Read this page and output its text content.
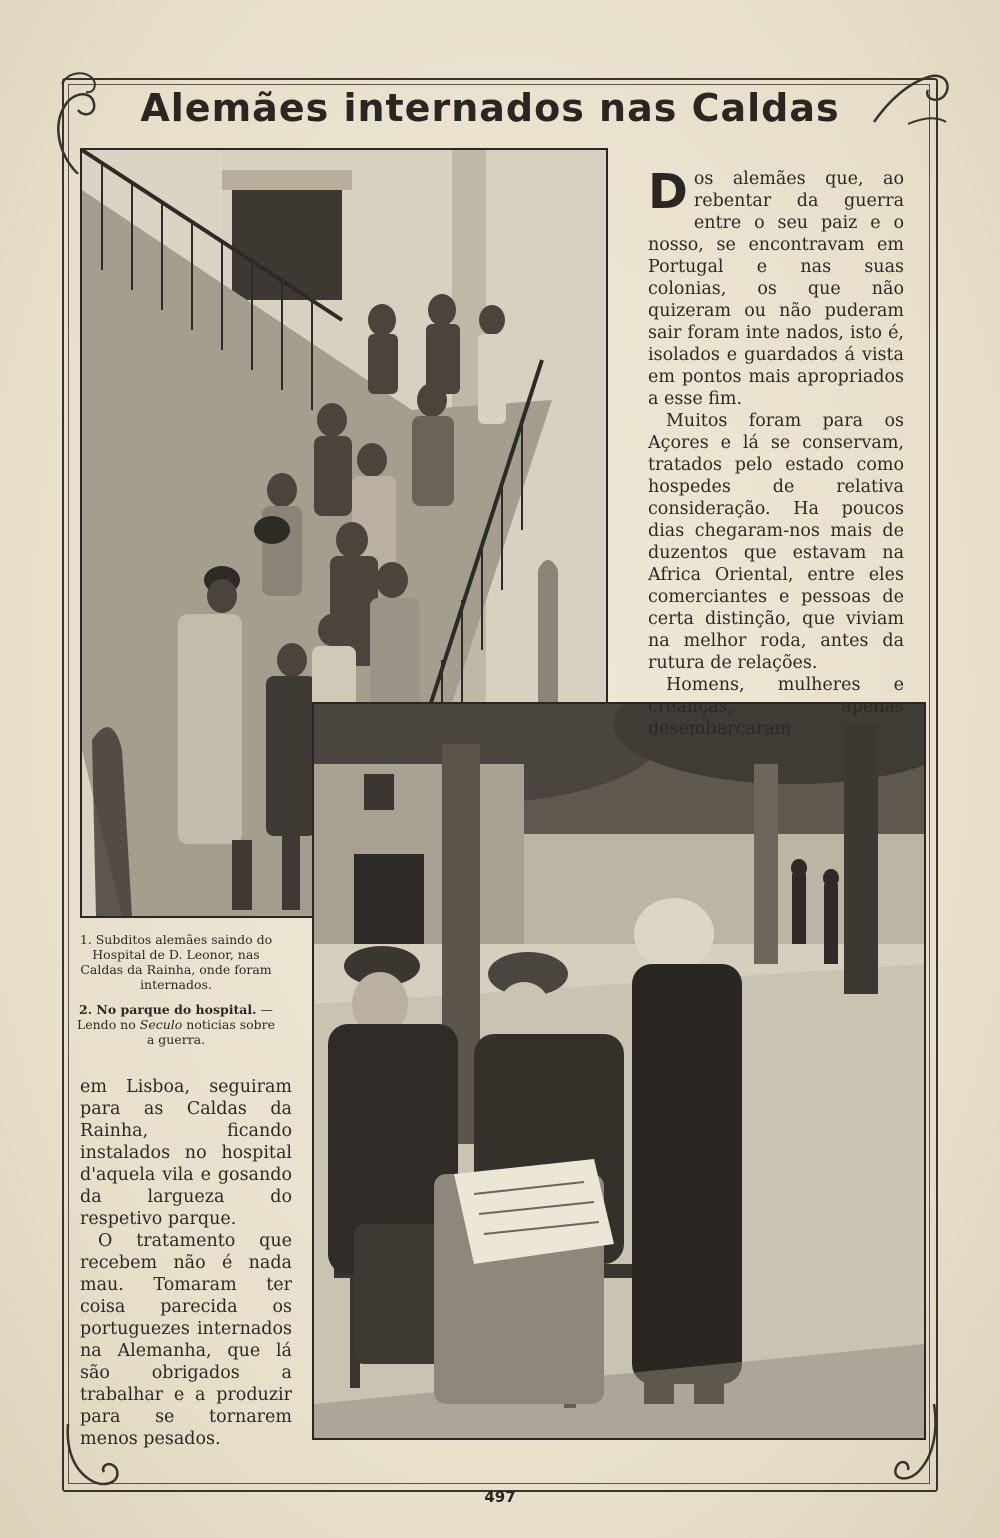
Alemães internados nas Caldas

Dos alemães que, ao rebentar da guerra entre o seu paiz e o nosso, se encontravam em Portugal e nas suas colonias, os que não quizeram ou não puderam sair foram inte nados, isto é, isolados e guardados á vista em pontos mais apropriados a esse fim.

Muitos foram para os Açores e lá se conservam, tratados pelo estado como hospedes de relativa consideração. Ha poucos dias chegaram-nos mais de duzentos que estavam na Africa Oriental, entre eles comerciantes e pessoas de certa distinção, que viviam na melhor roda, antes da rutura de relações.

Homens, mulheres e creanças, apenas desembarcaram

1. Subditos alemães saindo do Hospital de D. Leonor, nas Caldas da Rainha, onde foram internados.

2. No parque do hospital. —Lendo no Seculo noticias sobre a guerra.

em Lisboa, seguiram para as Caldas da Rainha, ficando instalados no hospital d'aquela vila e gosando da largueza do respetivo parque.

O tratamento que recebem não é nada mau. Tomaram ter coisa parecida os portuguezes internados na Alemanha, que lá são obrigados a trabalhar e a produzir para se tornarem menos pesados.

497
